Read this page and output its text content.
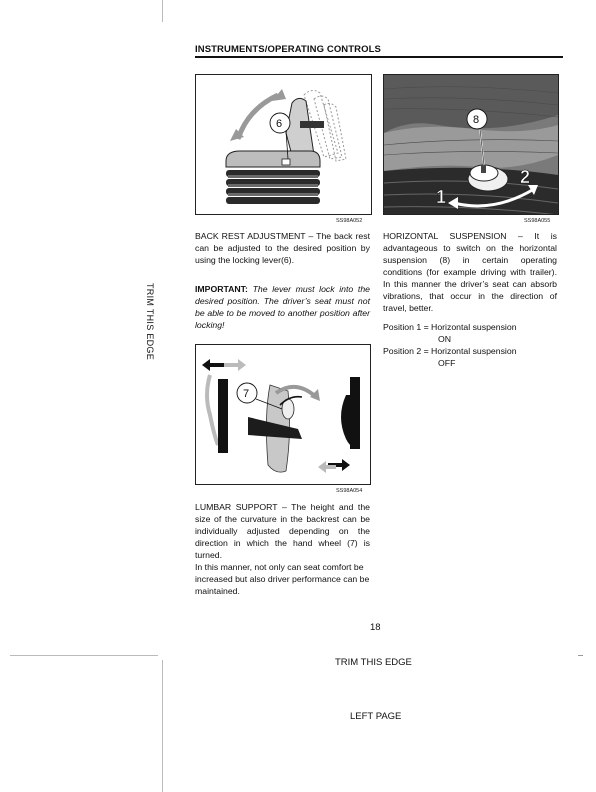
INSTRUMENTS/OPERATING CONTROLS
TRIM THIS EDGE
6
SS98A052
8
1
2
SS98A055
7
SS98A054
BACK REST ADJUSTMENT – The back rest can be adjusted to the desired position by using the locking lever(6).
IMPORTANT: The lever must lock into the desired position. The driver’s seat must not be able to be moved to another position after locking!
LUMBAR SUPPORT – The height and the size of the curvature in the backrest can be individually adjusted depending on the direction in which the hand wheel (7) is turned.
In this manner, not only can seat comfort be increased but also driver performance can be maintained.
HORIZONTAL SUSPENSION – It is advantageous to switch on the horizontal suspension (8) in certain operating conditions (for example driving with trailer). In this manner the driver’s seat can absorb vibrations, that occur in the direction of travel, better.
Position 1 = Horizontal suspension
ON
Position 2 = Horizontal suspension
OFF
18
TRIM THIS EDGE
LEFT PAGE
